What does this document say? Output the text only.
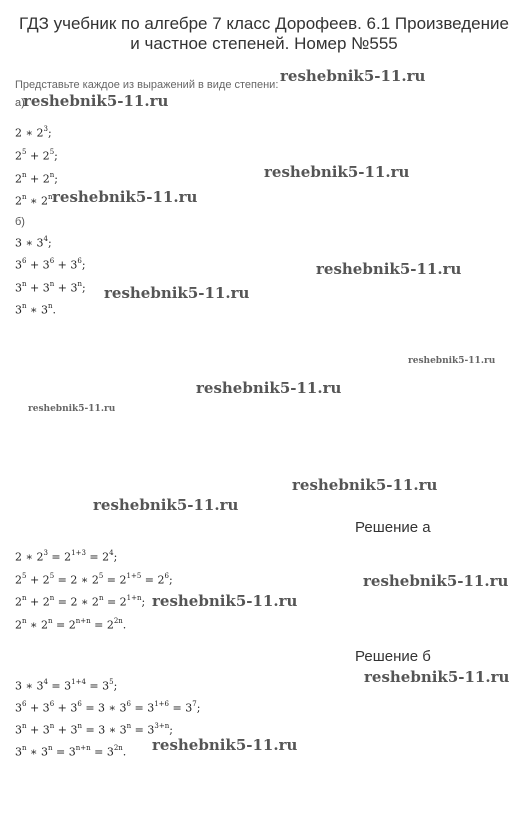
ГДЗ учебник по алгебре 7 класс Дорофеев. 6.1 Произведение
и частное степеней. Номер №555
Представьте каждое из выражений в виде степени:
а)
2 ∗ $2^3$;
$2^5 + 2^5$;
$2^n + 2^n$;
2$^n$ ∗ 2$^n$
б)
3 ∗ $3^4$;
$3^6 + 3^6 + 3^6$;
$3^n + 3^n + 3^n$;
3$^n$ ∗ 3$^n$.
Решение а
2 ∗ $2^3 = 2^{1+3} = 2^4$;
$2^5 + 2^5 = 2$ ∗ $2^5 = 2^{1+5} = 2^6$;
$2^n + 2^n = 2$ ∗ $2^n = 2^{1+n}$;
2$^n$ ∗ $2^n = 2^{n+n} = 2^{2n}$.
Решение б
3 ∗ $3^4 = 3^{1+4} = 3^5$;
$3^6 + 3^6 + 3^6 = 3$ ∗ $3^6 = 3^{1+6} = 3^7$;
$3^n + 3^n + 3^n = 3$ ∗ $3^n = 3^{3+n}$;
3$^n$ ∗ $3^n = 3^{n+n} = 3^{2n}$.
reshebnik5-11.ru
reshebnik5-11.ru
reshebnik5-11.ru
reshebnik5-11.ru
reshebnik5-11.ru
reshebnik5-11.ru
reshebnik5-11.ru
reshebnik5-11.ru
reshebnik5-11.ru
reshebnik5-11.ru
reshebnik5-11.ru
reshebnik5-11.ru
reshebnik5-11.ru
reshebnik5-11.ru
reshebnik5-11.ru
